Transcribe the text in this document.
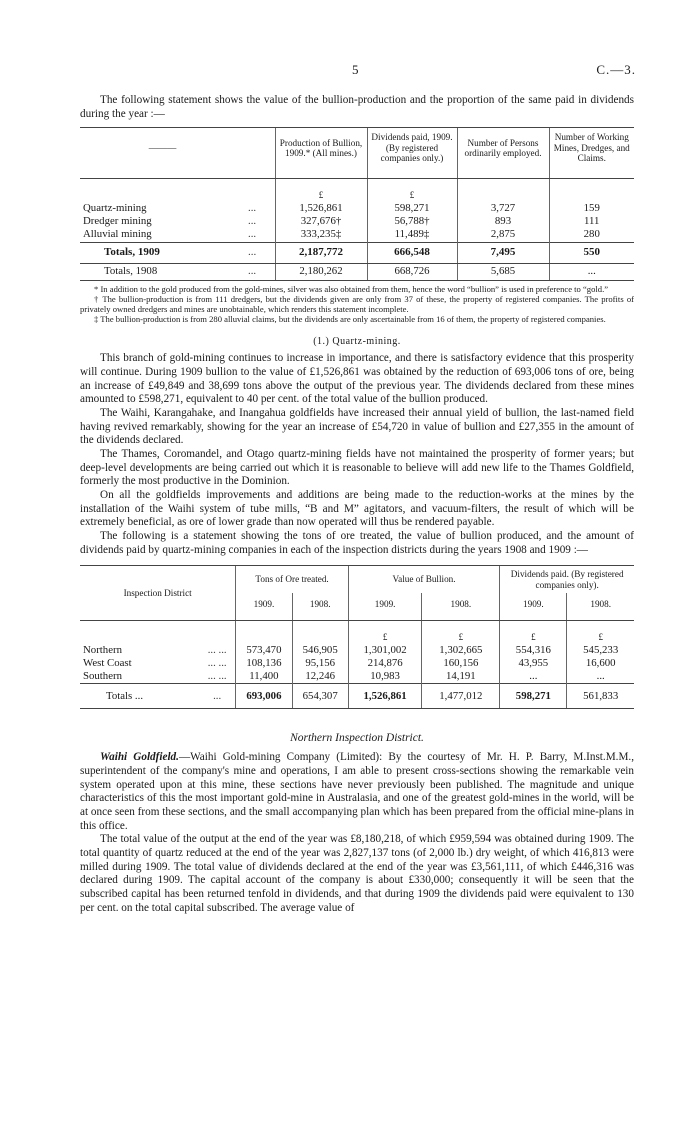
5	C.—3.

The following statement shows the value of the bullion-production and the proportion of the same paid in dividends during the year :—

———		Production of Bullion, 1909.* (All mines.)	Dividends paid, 1909. (By registered companies only.)	Number of Persons ordinarily employed.	Number of Working Mines, Dredges, and Claims.
		£	£		
Quartz-mining	...	1,526,861	598,271	3,727	159
Dredger mining	...	327,676†	56,788†	893	111
Alluvial mining	...	333,235‡	11,489‡	2,875	280
Totals, 1909	...	2,187,772	666,548	7,495	550
Totals, 1908	...	2,180,262	668,726	5,685	...

* In addition to the gold produced from the gold-mines, silver was also obtained from them, hence the word “bullion” is used in preference to “gold.”

† The bullion-production is from 111 dredgers, but the dividends given are only from 37 of these, the property of registered companies. The profits of privately owned dredgers and mines are unobtainable, which renders this statement incomplete.

‡ The bullion-production is from 280 alluvial claims, but the dividends are only ascertainable from 16 of them, the property of registered companies.

(1.) Quartz-mining.

This branch of gold-mining continues to increase in importance, and there is satisfactory evidence that this prosperity will continue. During 1909 bullion to the value of £1,526,861 was obtained by the reduction of 693,006 tons of ore, being an increase of £49,849 and 38,699 tons above the output of the previous year. The dividends declared from these mines amounted to £598,271, equivalent to 40 per cent. of the total value of the bullion produced.

The Waihi, Karangahake, and Inangahua goldfields have increased their annual yield of bullion, the last-named field having revived remarkably, showing for the year an increase of £54,720 in value of bullion and £27,355 in the amount of the dividends declared.

The Thames, Coromandel, and Otago quartz-mining fields have not maintained the prosperity of former years; but deep-level developments are being carried out which it is reasonable to believe will add new life to the Thames Goldfield, formerly the most productive in the Dominion.

On all the goldfields improvements and additions are being made to the reduction-works at the mines by the installation of the Waihi system of tube mills, “B and M” agitators, and vacuum-filters, the result of which will be extremely beneficial, as ore of lower grade than now operated will thus be rendered payable.

The following is a statement showing the tons of ore treated, the value of bullion produced, and the amount of dividends paid by quartz-mining companies in each of the inspection districts during the years 1908 and 1909 :—

Inspection District		Tons of Ore treated.		Value of Bullion.		Dividends paid. (By registered companies only).	
		1909.	1908.	1909.	1908.	1909.	1908.
				£	£	£	£
Northern	... ...	573,470	546,905	1,301,002	1,302,665	554,316	545,233
West Coast	... ...	108,136	95,156	214,876	160,156	43,955	16,600
Southern	... ...	11,400	12,246	10,983	14,191	...	...
Totals ...	...	693,006	654,307	1,526,861	1,477,012	598,271	561,833
Northern Inspection District.

Waihi Goldfield.—Waihi Gold-mining Company (Limited): By the courtesy of Mr. H. P. Barry, M.Inst.M.M., superintendent of the company's mine and operations, I am able to present cross-sections showing the remarkable vein system operated upon at this mine, these sections have never previously been published. The magnitude and unique characteristics of this the most important gold-mine in Australasia, and one of the greatest gold-mines in the world, will be at once seen from these sections, and the small accompanying plan which has been prepared from the official mine-plans in this office.

The total value of the output at the end of the year was £8,180,218, of which £959,594 was obtained during 1909. The total quantity of quartz reduced at the end of the year was 2,827,137 tons (of 2,000 lb.) dry weight, of which 416,813 were milled during 1909. The total value of dividends declared at the end of the year was £3,561,111, of which £446,316 was declared during 1909. The capital account of the company is about £330,000; consequently it will be seen that the subscribed capital has been returned tenfold in dividends, and that during 1909 the dividends paid were equivalent to 130 per cent. on the total capital subscribed. The average value of
